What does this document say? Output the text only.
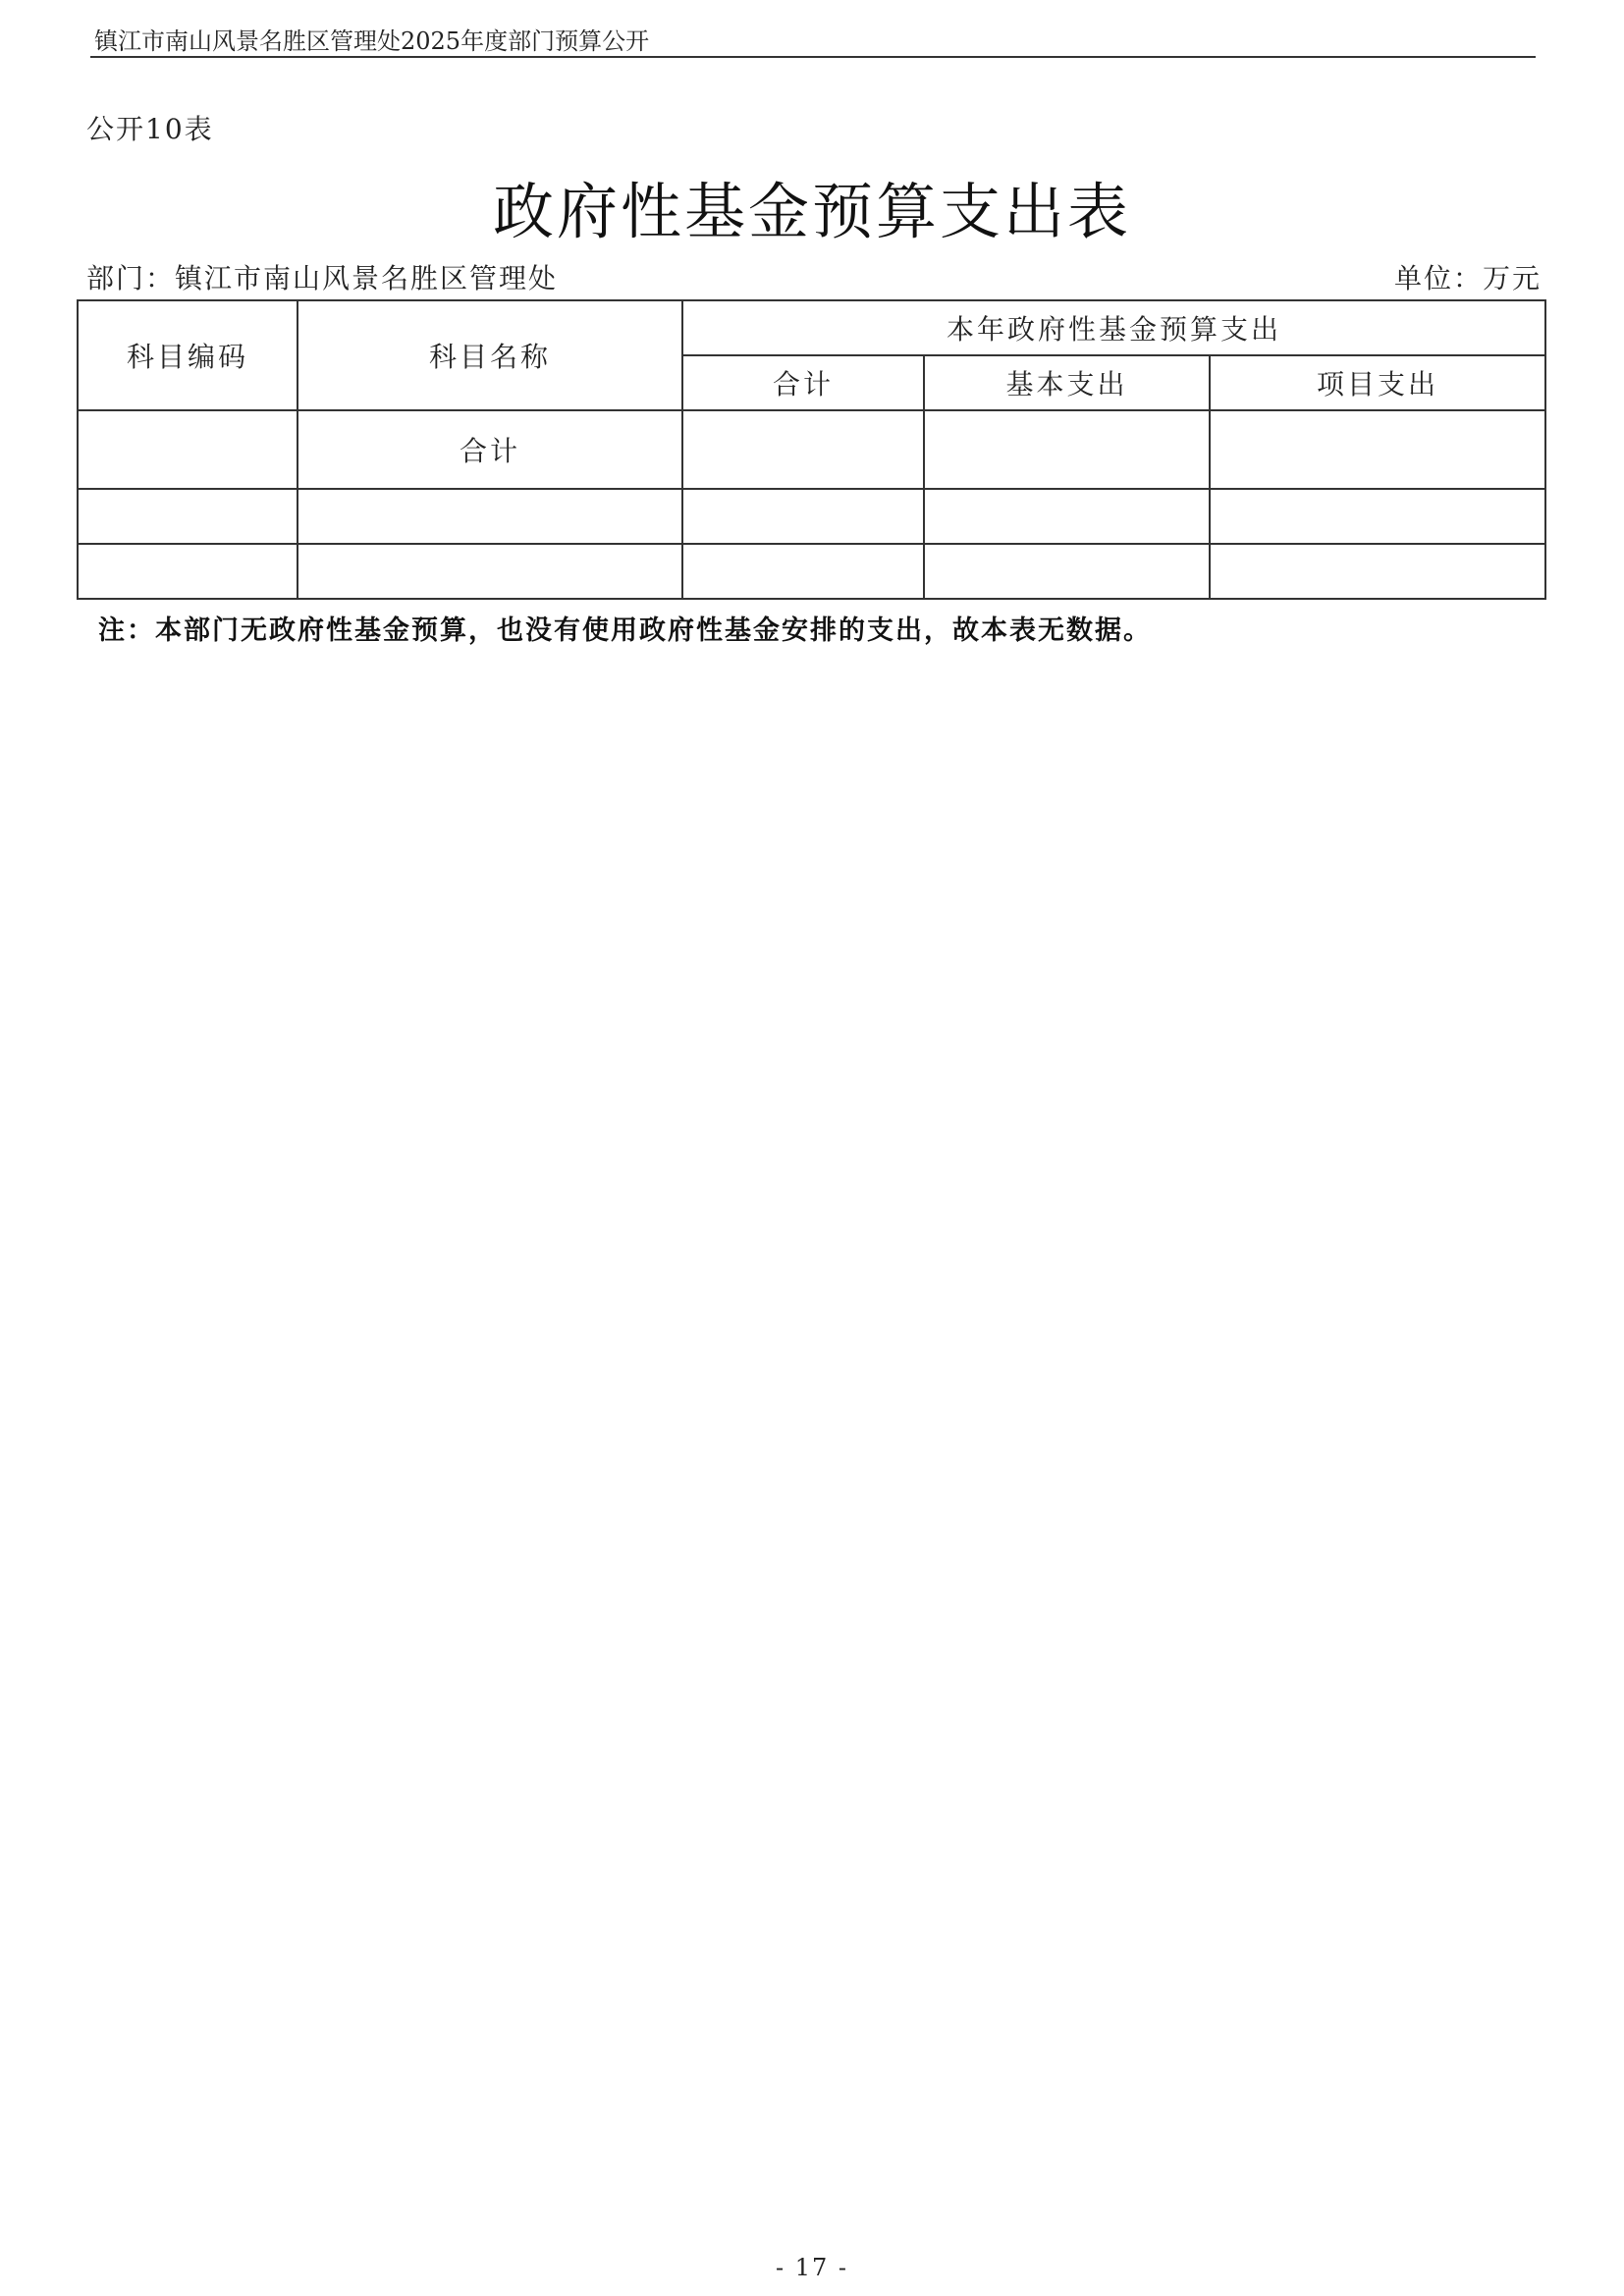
镇江市南山风景名胜区管理处2025年度部门预算公开
公开10表
政府性基金预算支出表
部门：镇江市南山风景名胜区管理处	单位：万元
科目编码	科目名称	本年政府性基金预算支出		
		合计	基本支出	项目支出
	合计			

注：本部门无政府性基金预算，也没有使用政府性基金安排的支出，故本表无数据。
- 17 -
